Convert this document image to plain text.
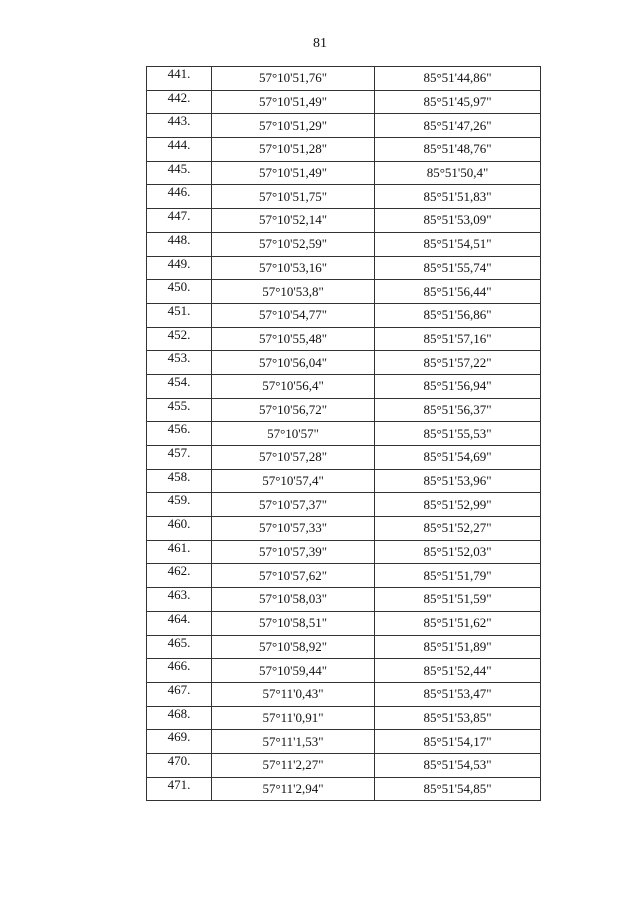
81
441.	57°10'51,76"	85°51'44,86"
442.	57°10'51,49"	85°51'45,97"
443.	57°10'51,29"	85°51'47,26"
444.	57°10'51,28"	85°51'48,76"
445.	57°10'51,49"	85°51'50,4"
446.	57°10'51,75"	85°51'51,83"
447.	57°10'52,14"	85°51'53,09"
448.	57°10'52,59"	85°51'54,51"
449.	57°10'53,16"	85°51'55,74"
450.	57°10'53,8"	85°51'56,44"
451.	57°10'54,77"	85°51'56,86"
452.	57°10'55,48"	85°51'57,16"
453.	57°10'56,04"	85°51'57,22"
454.	57°10'56,4"	85°51'56,94"
455.	57°10'56,72"	85°51'56,37"
456.	57°10'57"	85°51'55,53"
457.	57°10'57,28"	85°51'54,69"
458.	57°10'57,4"	85°51'53,96"
459.	57°10'57,37"	85°51'52,99"
460.	57°10'57,33"	85°51'52,27"
461.	57°10'57,39"	85°51'52,03"
462.	57°10'57,62"	85°51'51,79"
463.	57°10'58,03"	85°51'51,59"
464.	57°10'58,51"	85°51'51,62"
465.	57°10'58,92"	85°51'51,89"
466.	57°10'59,44"	85°51'52,44"
467.	57°11'0,43"	85°51'53,47"
468.	57°11'0,91"	85°51'53,85"
469.	57°11'1,53"	85°51'54,17"
470.	57°11'2,27"	85°51'54,53"
471.	57°11'2,94"	85°51'54,85"
